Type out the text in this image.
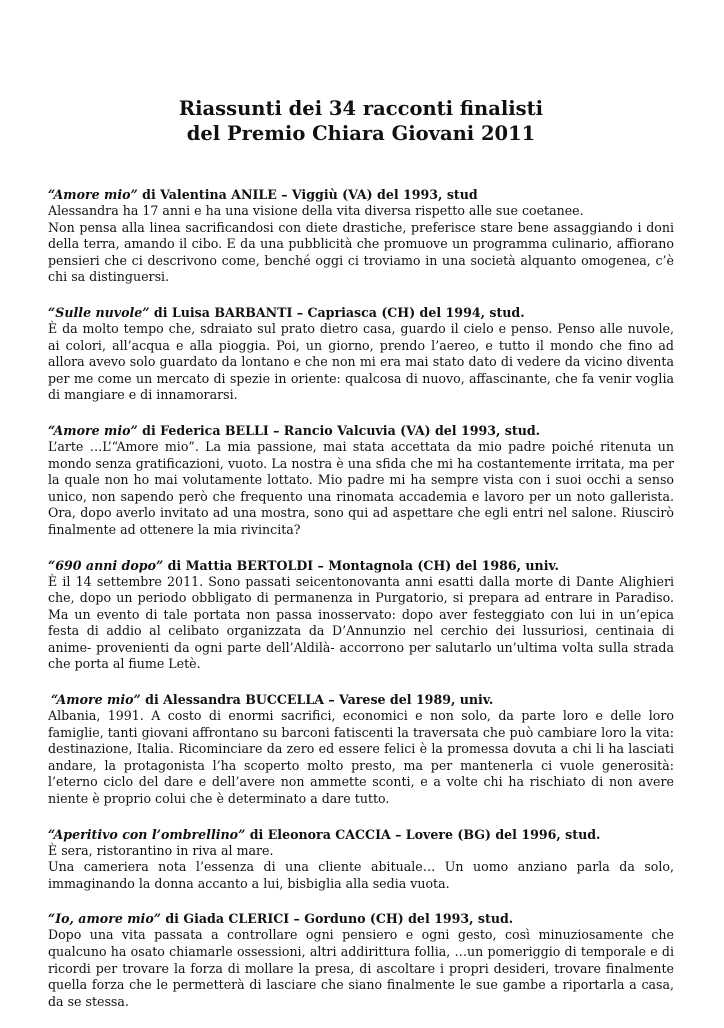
Riassunti dei 34 racconti finalisti
del Premio Chiara Giovani 2011

“Amore mio” di Valentina ANILE – Viggiù (VA) del 1993, stud

Alessandra ha 17 anni e ha una visione della vita diversa rispetto alle sue coetanee.
Non pensa alla linea sacrificandosi con diete drastiche, preferisce stare bene assaggiando i doni della terra, amando il cibo. E da una pubblicità che promuove un programma culinario, affiorano pensieri che ci descrivono come, benché oggi ci troviamo in una società alquanto omogenea, c’è chi sa distinguersi.

“Sulle nuvole” di Luisa BARBANTI – Capriasca (CH) del 1994, stud.

È da molto tempo che, sdraiato sul prato dietro casa, guardo il cielo e penso. Penso alle nuvole, ai colori, all’acqua e alla pioggia. Poi, un giorno, prendo l’aereo, e tutto il mondo che fino ad allora avevo solo guardato da lontano e che non mi era mai stato dato di vedere da vicino diventa per me come un mercato di spezie in oriente: qualcosa di nuovo, affascinante, che fa venir voglia di mangiare e di innamorarsi.

“Amore mio” di Federica BELLI – Rancio Valcuvia (VA) del 1993, stud.

L’arte …L’“Amore mio”. La mia passione, mai stata accettata da mio padre poiché ritenuta un mondo senza gratificazioni, vuoto. La nostra è una sfida che mi ha costantemente irritata, ma per la quale non ho mai volutamente lottato. Mio padre mi ha sempre vista con i suoi occhi a senso unico, non sapendo però che frequento una rinomata accademia e lavoro per un noto gallerista. Ora, dopo averlo invitato ad una mostra, sono qui ad aspettare che egli entri nel salone. Riuscirò finalmente ad ottenere la mia rivincita?

“690 anni dopo” di Mattia BERTOLDI – Montagnola (CH) del 1986, univ.

È il 14 settembre 2011. Sono passati seicentonovanta anni esatti dalla morte di Dante Alighieri che, dopo un periodo obbligato di permanenza in Purgatorio, si prepara ad entrare in Paradiso. Ma un evento di tale portata non passa inosservato: dopo aver festeggiato con lui in un’epica festa di addio al celibato organizzata da D’Annunzio nel cerchio dei lussuriosi, centinaia di anime- provenienti da ogni parte dell’Aldilà- accorrono per salutarlo un’ultima volta sulla strada che porta al fiume Letè.

“Amore mio” di Alessandra BUCCELLA – Varese del 1989, univ.

Albania, 1991. A costo di enormi sacrifici, economici e non solo, da parte loro e delle loro famiglie, tanti giovani affrontano su barconi fatiscenti la traversata che può cambiare loro la vita: destinazione, Italia. Ricominciare da zero ed essere felici è la promessa dovuta a chi li ha lasciati andare, la protagonista l’ha scoperto molto presto, ma per mantenerla ci vuole generosità: l’eterno ciclo del dare e dell’avere non ammette sconti, e a volte chi ha rischiato di non avere niente è proprio colui che è determinato a dare tutto.

“Aperitivo con l’ombrellino” di Eleonora CACCIA – Lovere (BG) del 1996, stud.

È sera, ristorantino in riva al mare.
Una cameriera nota l’essenza di una cliente abituale… Un uomo anziano parla da solo, immaginando la donna accanto a lui, bisbiglia alla sedia vuota.

“Io, amore mio” di Giada CLERICI – Gorduno (CH) del 1993, stud.

Dopo una vita passata a controllare ogni pensiero e ogni gesto, così minuziosamente che qualcuno ha osato chiamarle ossessioni, altri addirittura follia, …un pomeriggio di temporale e di ricordi per trovare la forza di mollare la presa, di ascoltare i propri desideri, trovare finalmente quella forza che le permetterà di lasciare che siano finalmente le sue gambe a riportarla a casa, da se stessa.
